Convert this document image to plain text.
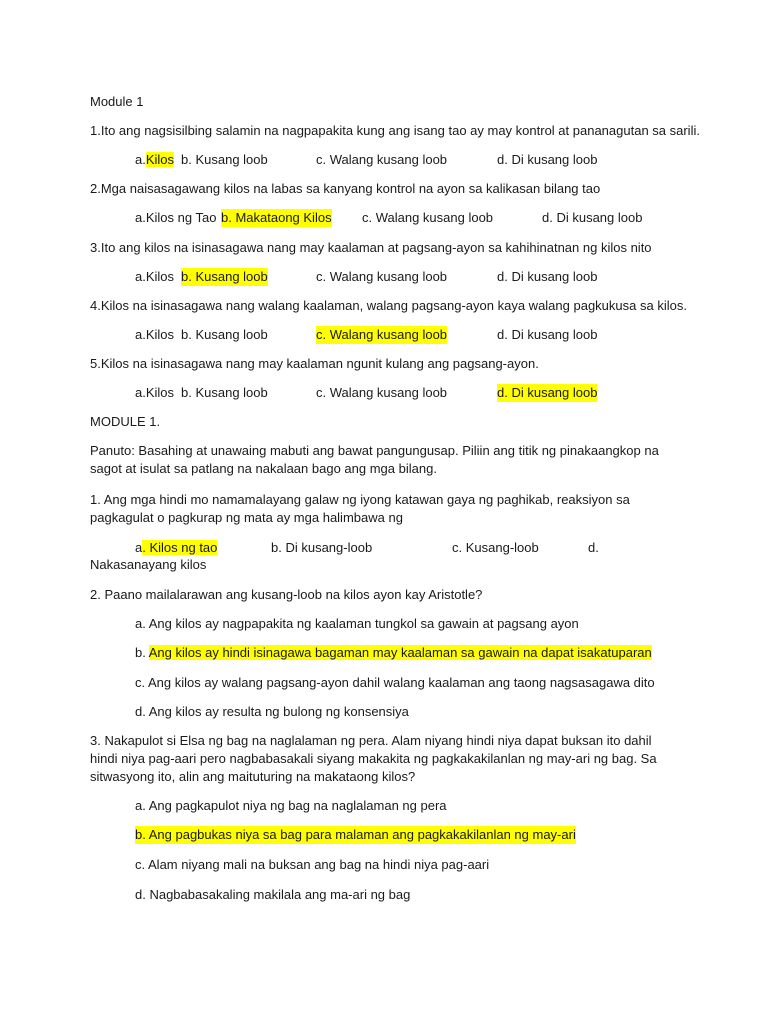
Module 1
1.Ito ang nagsisilbing salamin na nagpapakita kung ang isang tao ay may kontrol at pananagutan sa sarili.
a.Kilos b. Kusang loob	c. Walang kusang loob	d. Di kusang loob
2.Mga naisasagawang kilos na labas sa kanyang kontrol na ayon sa kalikasan bilang tao
a.Kilos ng Tao b. Makataong Kilos c. Walang kusang loob	d. Di kusang loob
3.Ito ang kilos na isinasagawa nang may kaalaman at pagsang-ayon sa kahihinatnan ng kilos nito
a.Kilos b. Kusang loob	c. Walang kusang loob	d. Di kusang loob
4.Kilos na isinasagawa nang walang kaalaman, walang pagsang-ayon kaya walang pagkukusa sa kilos.
a.Kilos b. Kusang loob	c. Walang kusang loob	d. Di kusang loob
5.Kilos na isinasagawa nang may kaalaman ngunit kulang ang pagsang-ayon.
a.Kilos b. Kusang loob	c. Walang kusang loob	d. Di kusang loob
MODULE 1.
Panuto: Basahing at unawaing mabuti ang bawat pangungusap. Piliin ang titik ng pinakaangkop na sagot at isulat sa patlang na nakalaan bago ang mga bilang.
1. Ang mga hindi mo namamalayang galaw ng iyong katawan gaya ng paghikab, reaksiyon sa pagkagulat o pagkurap ng mata ay mga halimbawa ng
a. Kilos ng tao	b. Di kusang-loob	c. Kusang-loob	d.
Nakasanayang kilos
2. Paano mailalarawan ang kusang-loob na kilos ayon kay Aristotle?
a. Ang kilos ay nagpapakita ng kaalaman tungkol sa gawain at pagsang ayon
b. Ang kilos ay hindi isinagawa bagaman may kaalaman sa gawain na dapat isakatuparan
c. Ang kilos ay walang pagsang-ayon dahil walang kaalaman ang taong nagsasagawa dito
d. Ang kilos ay resulta ng bulong ng konsensiya
3. Nakapulot si Elsa ng bag na naglalaman ng pera. Alam niyang hindi niya dapat buksan ito dahil hindi niya pag-aari pero nagbabasakali siyang makakita ng pagkakakilanlan ng may-ari ng bag. Sa sitwasyong ito, alin ang maituturing na makataong kilos?
a. Ang pagkapulot niya ng bag na naglalaman ng pera
b. Ang pagbukas niya sa bag para malaman ang pagkakakilanlan ng may-ari
c. Alam niyang mali na buksan ang bag na hindi niya pag-aari
d. Nagbabasakaling makilala ang ma-ari ng bag
